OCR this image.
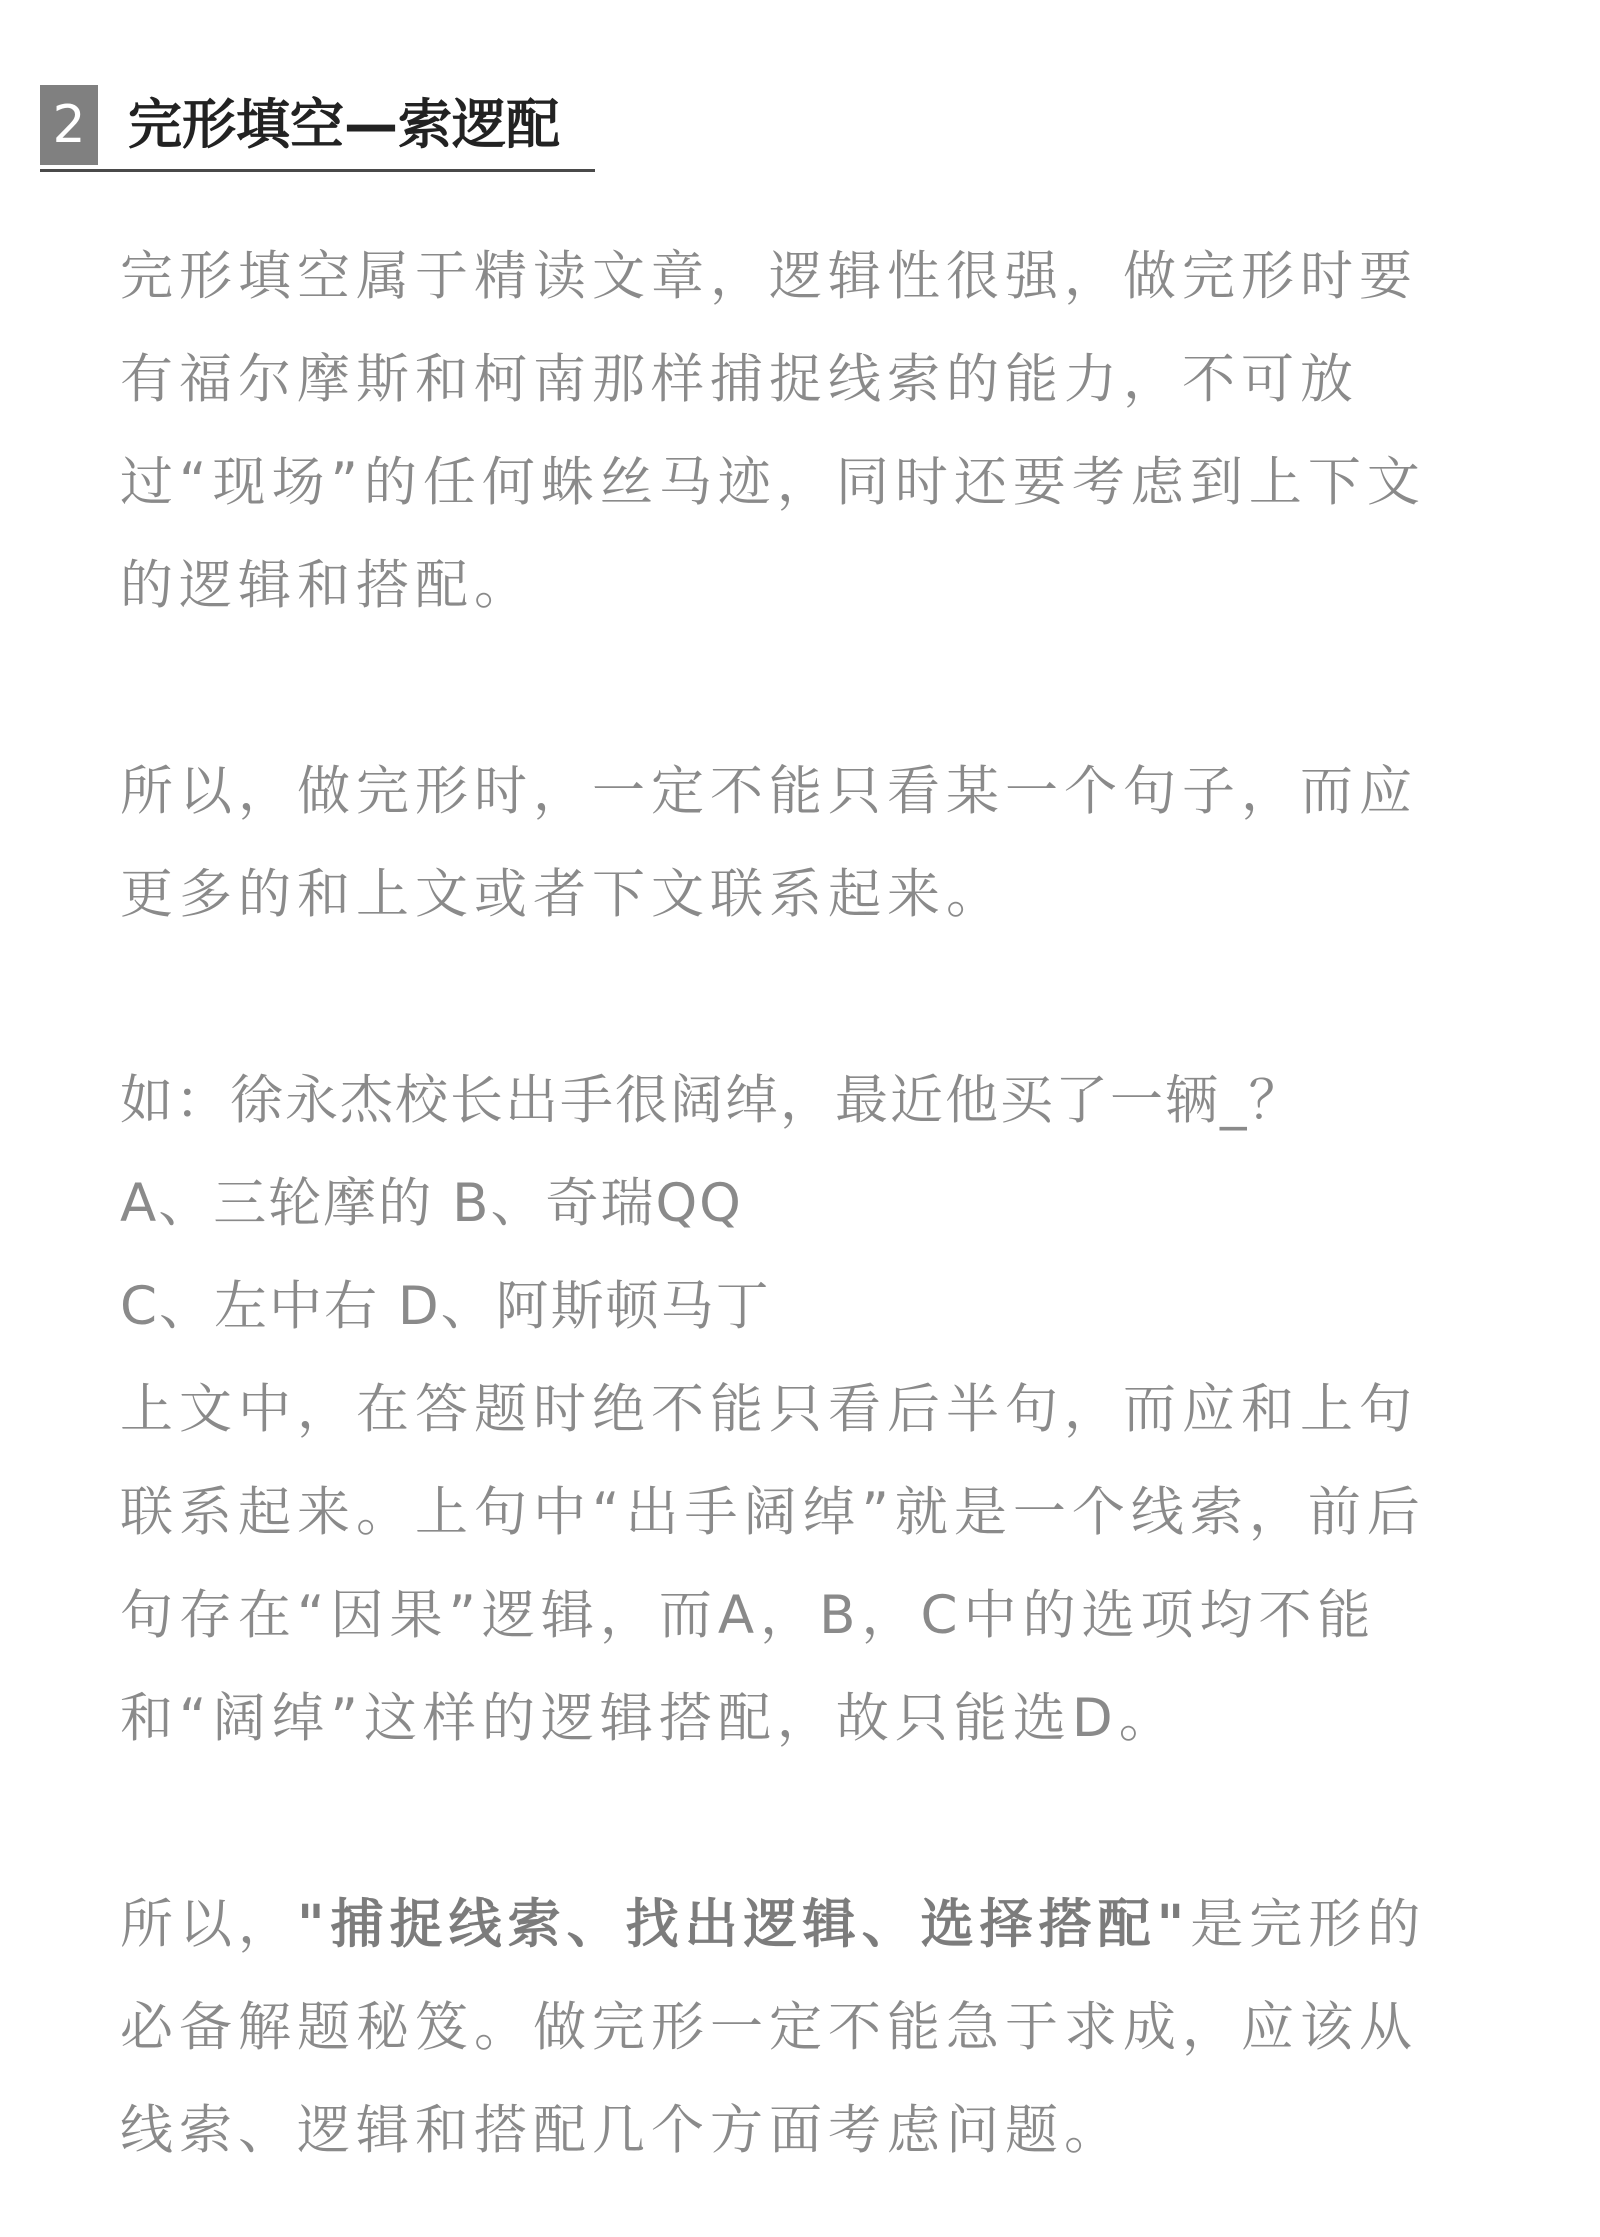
2 完形填空—索逻配

完形填空属于精读文章，逻辑性很强，做完形时要
有福尔摩斯和柯南那样捕捉线索的能力，不可放
过“现场”的任何蛛丝马迹，同时还要考虑到上下文
的逻辑和搭配。

所以，做完形时，一定不能只看某一个句子，而应
更多的和上文或者下文联系起来。

如：徐永杰校长出手很阔绰，最近他买了一辆_？
A、三轮摩的 B、奇瑞QQ
C、左中右 D、阿斯顿马丁
上文中，在答题时绝不能只看后半句，而应和上句
联系起来。上句中“出手阔绰”就是一个线索，前后
句存在“因果”逻辑，而A，B，C中的选项均不能
和“阔绰”这样的逻辑搭配，故只能选D。

所以，"捕捉线索、找出逻辑、选择搭配"是完形的
必备解题秘笈。做完形一定不能急于求成，应该从
线索、逻辑和搭配几个方面考虑问题。
